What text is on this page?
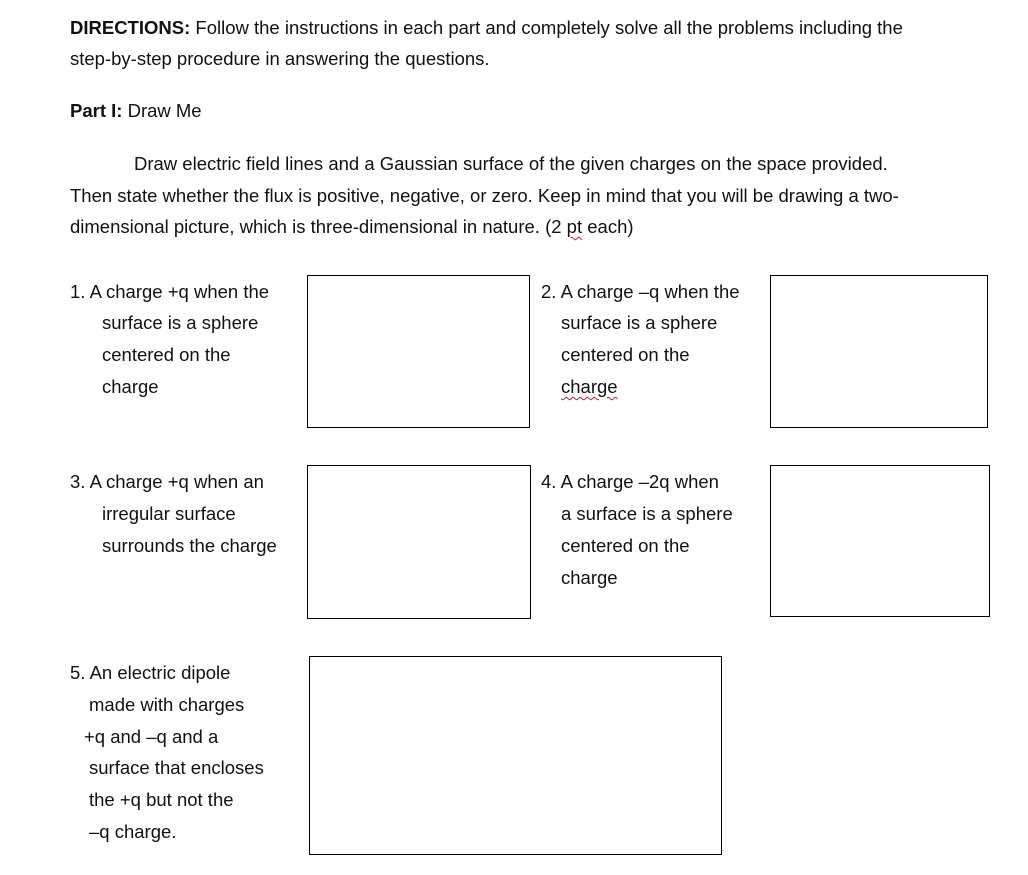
DIRECTIONS: Follow the instructions in each part and completely solve all the problems including the
step-by-step procedure in answering the questions.
Part I: Draw Me
Draw electric field lines and a Gaussian surface of the given charges on the space provided.
Then state whether the flux is positive, negative, or zero. Keep in mind that you will be drawing a two-
dimensional picture, which is three-dimensional in nature. (2 pt each)
1. A charge +q when the
surface is a sphere
centered on the
charge
2. A charge –q when the
surface is a sphere
centered on the
charge
3. A charge +q when an
irregular surface
surrounds the charge
4. A charge –2q when
a surface is a sphere
centered on the
charge
5. An electric dipole
made with charges
+q and –q and a
surface that encloses
the +q but not the
–q charge.
